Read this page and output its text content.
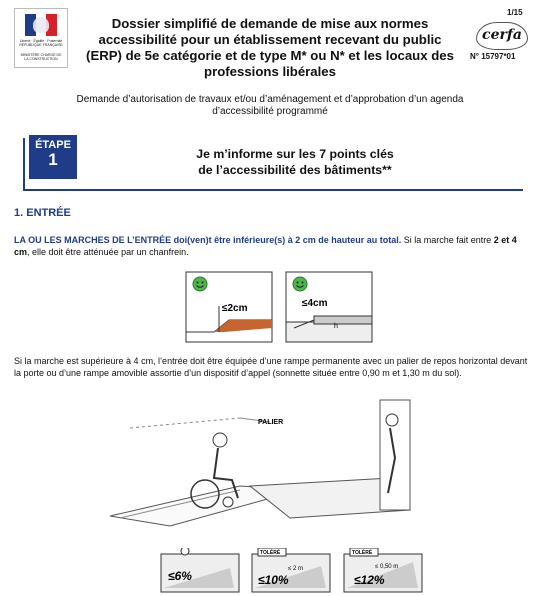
Liberté · Égalité · Fraternité RÉPUBLIQUE FRANÇAISE
MINISTÈRE CHARGÉ DE LA CONSTRUCTION
Dossier simplifié de demande de mise aux normes accessibilité pour un établissement recevant du public (ERP) de 5e catégorie et de type M* ou N* et les locaux des professions libérales
1/15
cerfa
N° 15797*01
Demande d’autorisation de travaux et/ou d’aménagement et d’approbation d’un agenda d’accessibilité programmé
ÉTAPE
1	Je m’informe sur les 7 points clés
de l’accessibilité des bâtiments**
1. ENTRÉE
LA OU LES MARCHES DE L’ENTRÉE doi(ven)t être inférieure(s) à 2 cm de hauteur au total. Si la marche fait entre 2 et 4 cm, elle doit être atténuée par un chanfrein.
≤2cm	≤4cm
h
Si la marche est supérieure à 4 cm, l’entrée doit être équipée d’une rampe permanente avec un palier de repos horizontal devant la porte ou d’une rampe amovible assortie d’un dispositif d’appel (sonnette située entre 0,90 m et 1,30 m du sol).
PALIER
≤6%
TOLÉRÉ
≤ 2 m
≤10%
TOLÉRÉ
≤ 0,50 m
≤12%
